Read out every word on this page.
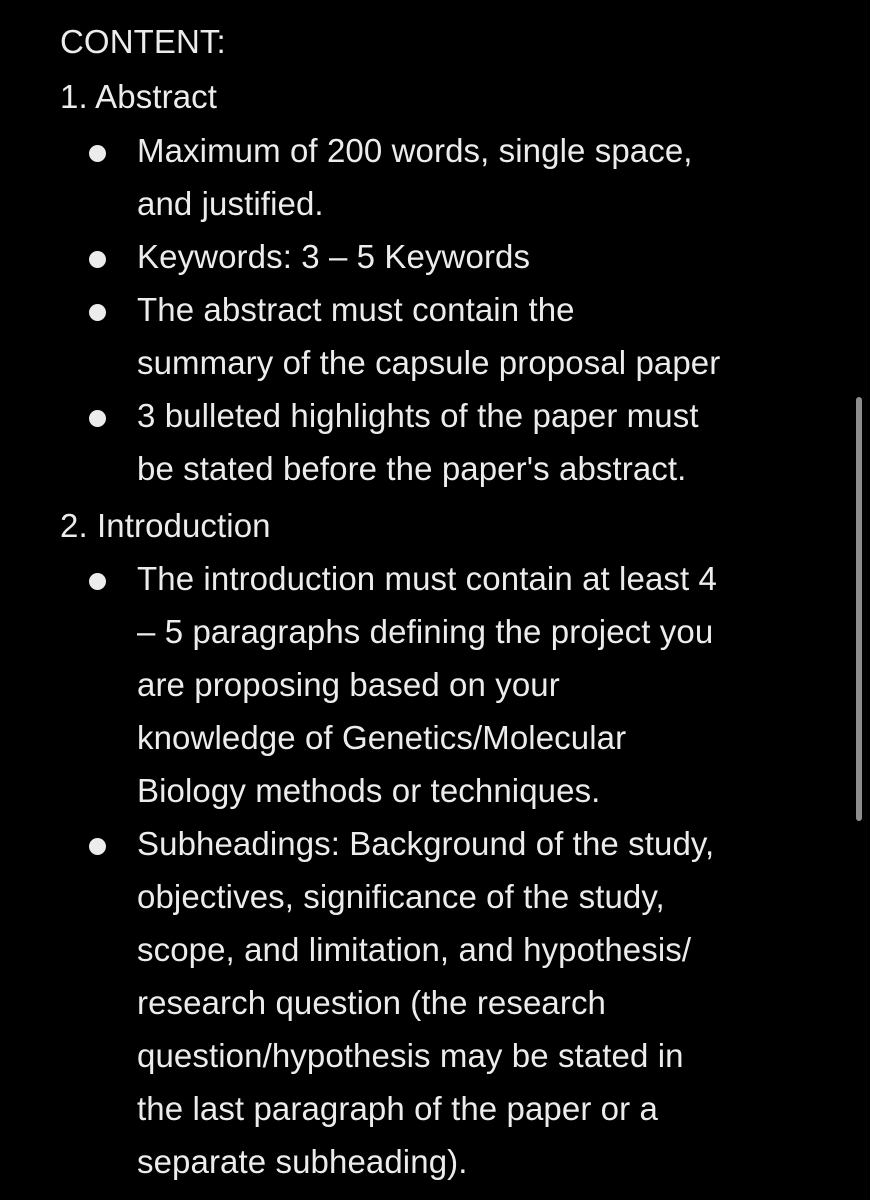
CONTENT:
1. Abstract
Maximum of 200 words, single space,
and justified.
Keywords: 3 – 5 Keywords
The abstract must contain the
summary of the capsule proposal paper
3 bulleted highlights of the paper must
be stated before the paper's abstract.
2. Introduction
The introduction must contain at least 4
– 5 paragraphs defining the project you
are proposing based on your
knowledge of Genetics/Molecular
Biology methods or techniques.
Subheadings: Background of the study,
objectives, significance of the study,
scope, and limitation, and hypothesis/
research question (the research
question/hypothesis may be stated in
the last paragraph of the paper or a
separate subheading).
